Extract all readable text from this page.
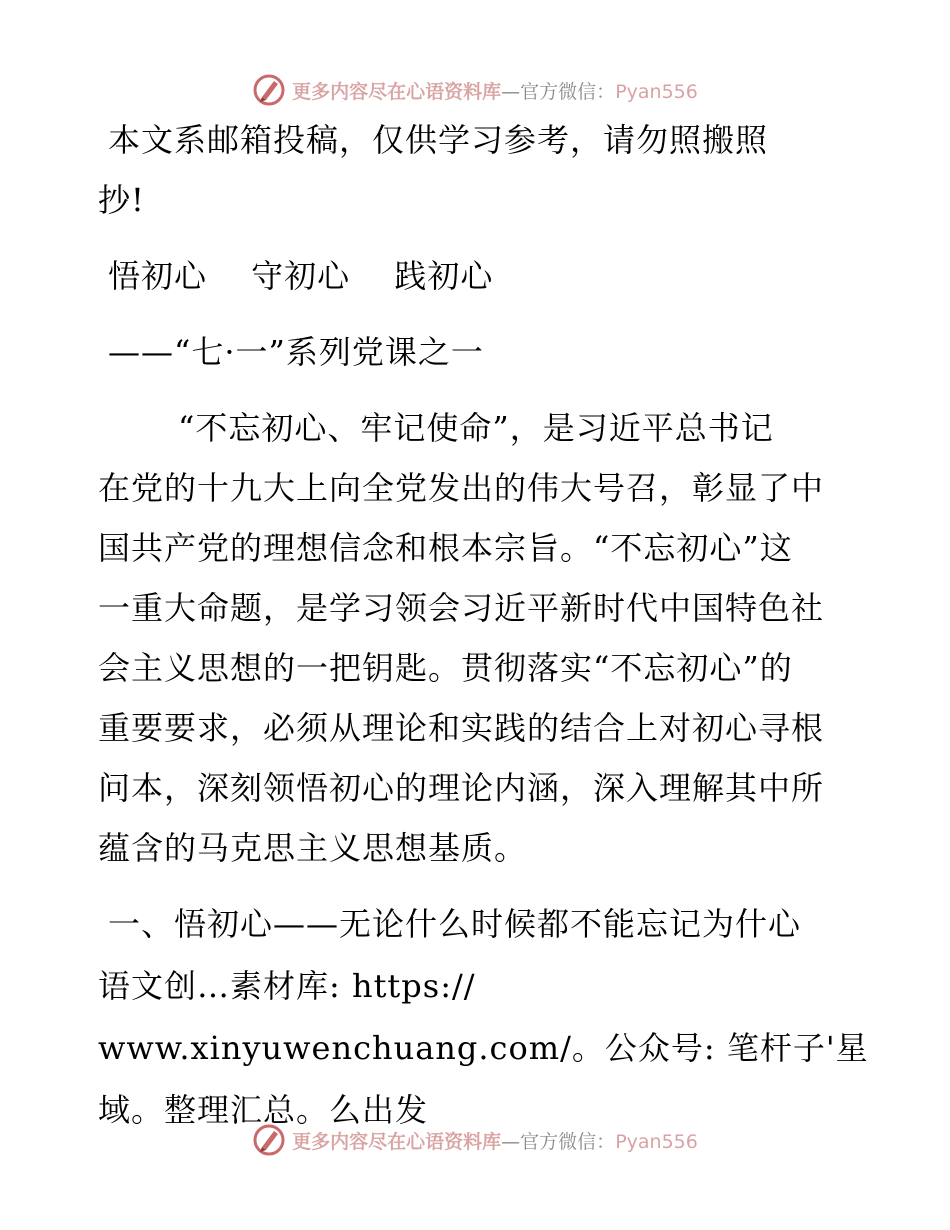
更多内容尽在心语资料库—官方微信：Pyan556

本文系邮箱投稿，仅供学习参考，请勿照搬照

抄!

悟初心　 守初心　 践初心

——“七·一”系列党课之一

“不忘初心、牢记使命”，是习近平总书记

在党的十九大上向全党发出的伟大号召，彰显了中

国共产党的理想信念和根本宗旨。“不忘初心”这

一重大命题，是学习领会习近平新时代中国特色社

会主义思想的一把钥匙。贯彻落实“不忘初心”的

重要要求，必须从理论和实践的结合上对初心寻根

问本，深刻领悟初心的理论内涵，深入理解其中所

蕴含的马克思主义思想基质。

一、悟初心——无论什么时候都不能忘记为什心

语文创…素材库: https://

www.xinyuwenchuang.com/。公众号: 笔杆子'星

域。整理汇总。么出发

更多内容尽在心语资料库—官方微信：Pyan556
